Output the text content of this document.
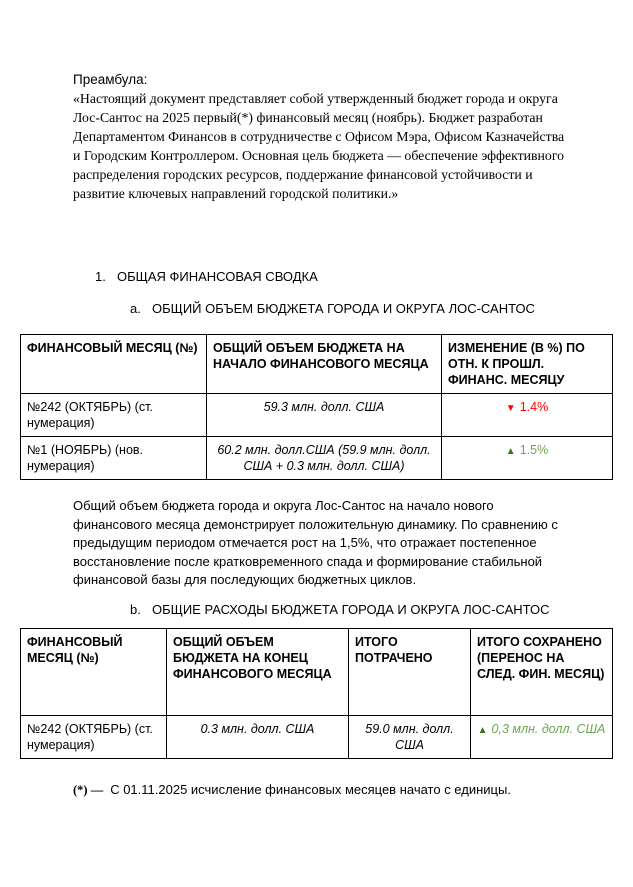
Преамбула:
«Настоящий документ представляет собой утвержденный бюджет города и округа Лос-Сантос на 2025 первый(*) финансовый месяц (ноябрь). Бюджет разработан Департаментом Финансов в сотрудничестве с Офисом Мэра, Офисом Казначейства и Городским Контроллером. Основная цель бюджета — обеспечение эффективного распределения городских ресурсов, поддержание финансовой устойчивости и развитие ключевых направлений городской политики.»
1. ОБЩАЯ ФИНАНСОВАЯ СВОДКА
a. ОБЩИЙ ОБЪЕМ БЮДЖЕТА ГОРОДА И ОКРУГА ЛОС-САНТОС
ФИНАНСОВЫЙ МЕСЯЦ (№)	ОБЩИЙ ОБЪЕМ БЮДЖЕТА НА НАЧАЛО ФИНАНСОВОГО МЕСЯЦА	ИЗМЕНЕНИЕ (В %) ПО ОТН. К ПРОШЛ. ФИНАНС. МЕСЯЦУ
№242 (ОКТЯБРЬ) (ст. нумерация)	59.3 млн. долл. США	▼ 1.4%
№1 (НОЯБРЬ) (нов. нумерация)	60.2 млн. долл.США (59.9 млн. долл. США + 0.3 млн. долл. США)	▲ 1.5%
Общий объем бюджета города и округа Лос-Сантос на начало нового финансового месяца демонстрирует положительную динамику. По сравнению с предыдущим периодом отмечается рост на 1,5%, что отражает постепенное восстановление после кратковременного спада и формирование стабильной финансовой базы для последующих бюджетных циклов.
b. ОБЩИЕ РАСХОДЫ БЮДЖЕТА ГОРОДА И ОКРУГА ЛОС-САНТОС
ФИНАНСОВЫЙ МЕСЯЦ (№)	ОБЩИЙ ОБЪЕМ БЮДЖЕТА НА КОНЕЦ ФИНАНСОВОГО МЕСЯЦА	ИТОГО ПОТРАЧЕНО	ИТОГО СОХРАНЕНО (ПЕРЕНОС НА СЛЕД. ФИН. МЕСЯЦ)
№242 (ОКТЯБРЬ) (ст. нумерация)	0.3 млн. долл. США	59.0 млн. долл. США	▲ 0,3 млн. долл. США
(*) — С 01.11.2025 исчисление финансовых месяцев начато с единицы.
